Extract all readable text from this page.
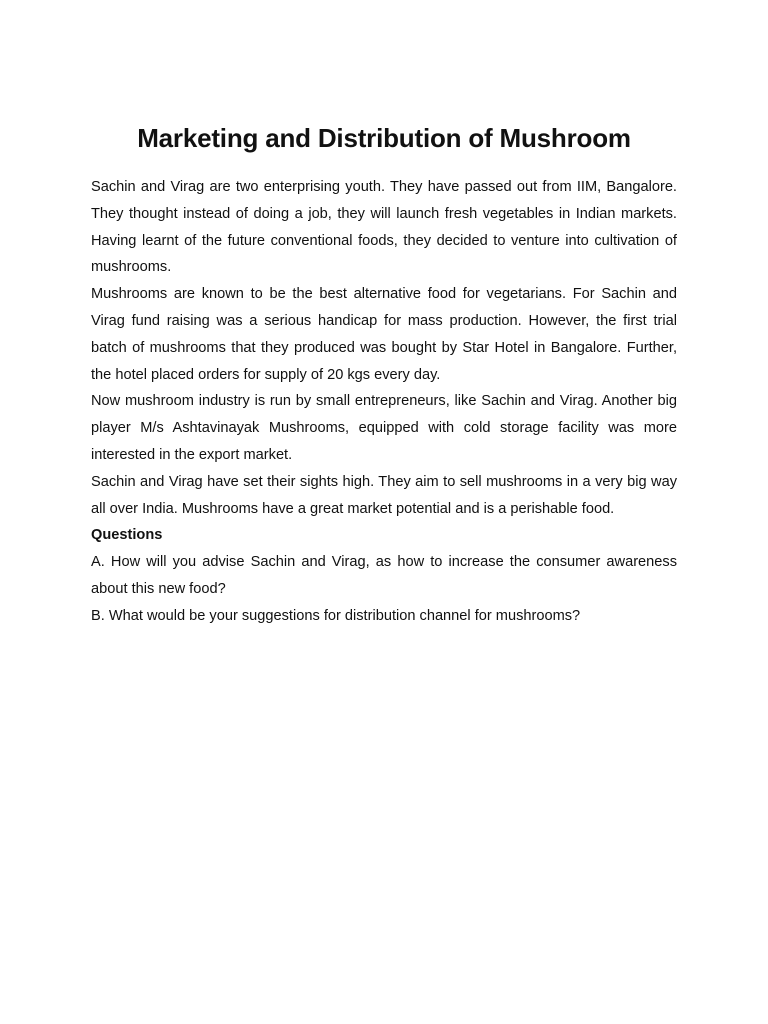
Marketing and Distribution of Mushroom

Sachin and Virag are two enterprising youth. They have passed out from IIM, Bangalore. They thought instead of doing a job, they will launch fresh vegetables in Indian markets. Having learnt of the future conventional foods, they decided to venture into cultivation of mushrooms.

Mushrooms are known to be the best alternative food for vegetarians. For Sachin and Virag fund raising was a serious handicap for mass production. However, the first trial batch of mushrooms that they produced was bought by Star Hotel in Bangalore. Further, the hotel placed orders for supply of 20 kgs every day.

Now mushroom industry is run by small entrepreneurs, like Sachin and Virag. Another big player M/s Ashtavinayak Mushrooms, equipped with cold storage facility was more interested in the export market.

Sachin and Virag have set their sights high. They aim to sell mushrooms in a very big way all over India. Mushrooms have a great market potential and is a perishable food.

Questions

A. How will you advise Sachin and Virag, as how to increase the consumer awareness about this new food?

B. What would be your suggestions for distribution channel for mushrooms?
